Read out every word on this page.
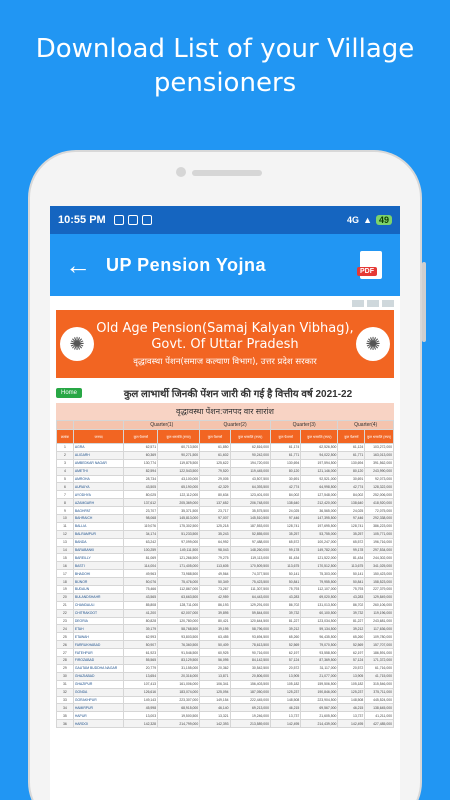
Download List of your Village
pensioners
10:55 PM	4G ▲ 49
← UP Pension Yojna	PDF
✺
Old Age Pension(Samaj Kalyan Vibhag),
Govt. Of Uttar Pradesh
वृद्धावस्था पेंशन(समाज कल्याण विभाग), उत्तर प्रदेश सरकार
✺
Home	कुल लाभार्थी जिनकी पेंशन जारी की गई है वित्तीय वर्ष 2021-22
वृद्धावस्था पेंशन:जनपद वार सारांश
		Quarter(1)		Quarter(2)		Quarter(3)		Quarter(4)	
क्रमांक	जनपद	कुल पेंशनर्स	कुल धनराशि (रुपए)	कुल पेंशनर्स	कुल धनराशि (रुपए)	कुल पेंशनर्स	कुल धनराशि (रुपए)	कुल पेंशनर्स	कुल धनराशि (रुपए)
1	AGRA	62,571	60,713,500	61,850	62,816,000	61,174	62,526,500	61,124	103,272,000
2	ALIGARH	60,369	90,271,500	61,602	90,242,000	61,771	94,022,500	61,771	163,013,000
3	AMBEDKAR NAGAR	130,774	119,875,500	125,622	194,720,000	130,694	197,594,500	130,694	391,562,000
4	AMETHI	82,594	122,543,500	79,520	119,445,000	80,120	121,146,000	80,120	243,990,000
5	AMROHA	28,734	43,100,000	29,005	43,507,500	30,691	92,521,000	30,691	92,073,000
6	AURAIYA	43,505	65,190,000	42,329	64,393,500	42,774	64,998,500	42,774	128,322,000
7	AYODHYA	80,025	122,112,000	80,634	123,401,000	84,002	127,548,000	84,002	252,006,000
8	AZAMGARH	137,612	205,369,000	137,652	206,748,000	138,640	212,420,000	138,640	418,920,000
9	BAGHPAT	23,707	35,371,500	23,717	35,575,500	24,025	36,565,000	24,025	72,075,000
10	BAHRAICH	98,068	145,813,000	97,007	145,510,500	97,446	147,395,500	97,446	292,338,000
11	BALLIA	119,076	175,302,500	125,218	187,553,000	128,741	197,695,500	128,741	386,223,000
12	BALRAMPUR	34,174	51,233,500	35,243	52,855,000	35,257	53,755,000	35,257	105,771,000
13	BANDA	63,242	97,099,000	64,992	97,488,000	65,572	100,247,000	65,572	196,716,000
14	BARABANKI	100,259	149,111,500	98,043	148,260,000	99,178	149,782,000	99,178	297,534,000
15	BAREILLY	81,069	121,266,500	79,275	119,113,000	81,434	121,522,000	81,434	244,302,000
16	BASTI	114,004	171,405,000	113,605	170,509,500	113,675	170,512,500	113,675	341,025,000
17	BHADOHI	49,963	73,988,500	49,564	74,377,500	50,141	75,303,000	50,141	150,423,000
18	BIJNOR	50,076	75,476,000	50,349	75,423,500	50,841	79,955,500	50,841	158,523,000
19	BUDAUN	75,466	112,867,000	73,267	111,307,500	75,793	112,107,000	75,793	227,379,000
20	BULANDSHAHR	43,565	63,663,500	42,959	64,443,000	43,283	69,020,500	43,283	129,849,000
21	CHANDAULI	85,808	128,711,000	86,193	129,291,000	86,702	131,013,500	86,702	260,106,000
22	CHITRAKOOT	41,200	62,007,000	39,895	59,844,000	39,732	60,100,500	39,732	119,196,000
23	DEORIA	80,828	120,780,000	80,421	120,644,500	81,227	123,034,500	81,227	243,681,000
24	ETAH	39,179	58,768,500	39,195	58,796,000	39,212	59,134,500	39,212	117,636,000
25	ETAWAH	62,993	93,803,500	63,455	93,694,500	65,260	96,435,500	65,260	109,780,000
26	FARRUKHABAD	50,907	76,360,500	50,409	78,613,500	52,569	79,070,500	52,569	157,707,000
27	FATEHPUR	61,923	91,546,500	60,925	90,716,000	62,197	93,558,500	62,197	186,591,000
28	FIROZABAD	55,565	83,129,500	56,095	84,142,500	57,124	87,369,500	57,124	171,372,000
29	GAUTAM BUDDHA NAGAR	20,779	31,155,000	20,362	30,542,500	20,572	31,117,000	20,572	61,716,000
30	GHAZIABAD	13,654	20,316,000	13,871	20,806,000	13,905	21,077,000	13,905	41,715,000
31	GHAZIPUR	107,413	161,006,000	106,341	156,403,500	105,182	159,506,500	105,182	315,546,000
32	GONDA	126,616	183,074,000	125,094	187,050,000	125,237	190,846,000	125,237	375,711,000
33	GORAKHPUR	149,143	223,307,000	149,154	222,445,000	148,508	223,904,500	148,508	445,524,000
34	HAMIRPUR	45,998	68,915,000	46,140	69,213,000	46,215	69,567,000	46,215	138,645,000
35	HAPUR	13,003	19,500,500	13,321	19,246,000	13,737	21,605,500	13,737	41,211,000
36	HARDOI	142,328	214,799,000	142,393	213,589,000	142,495	214,439,000	142,495	427,485,000
